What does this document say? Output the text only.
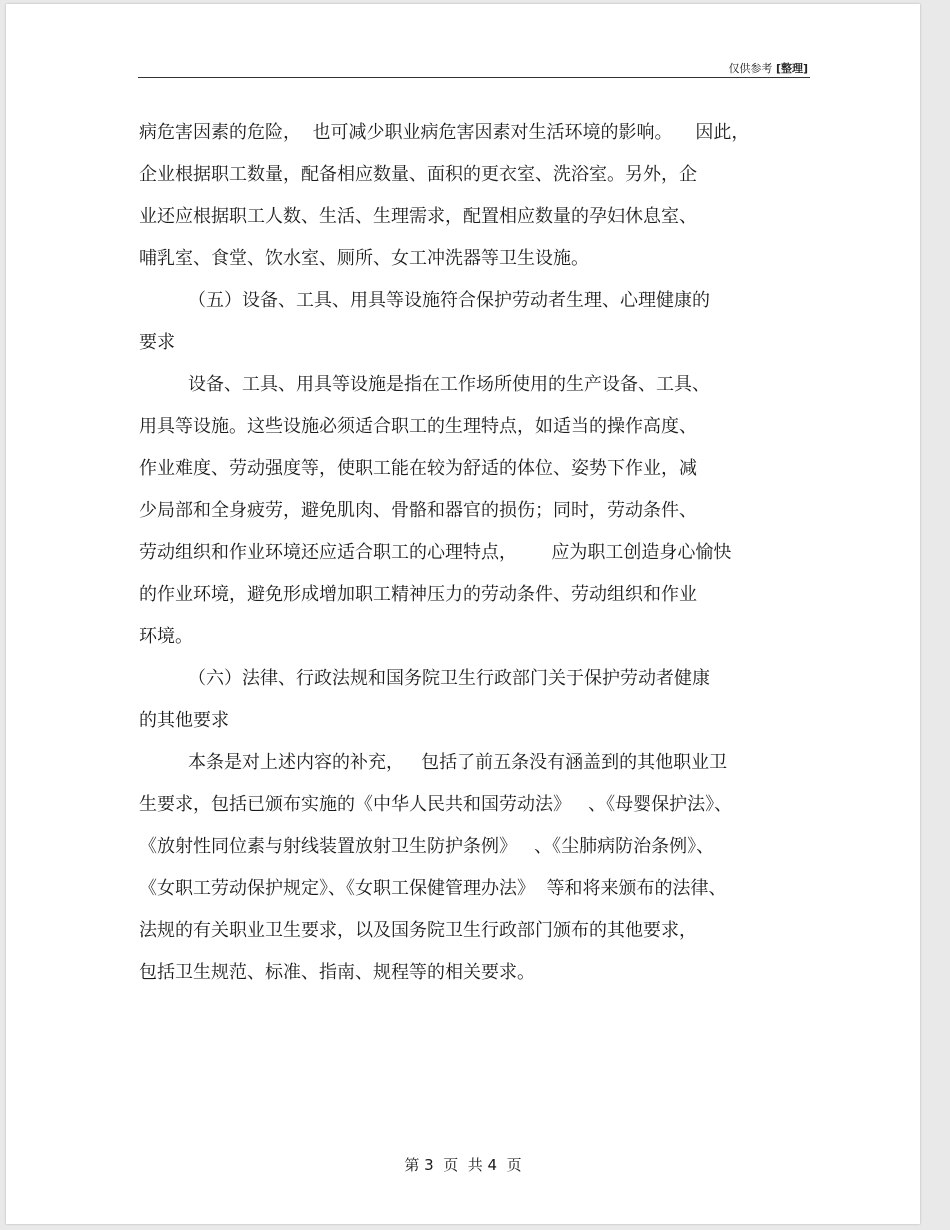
仅供参考 [整理]
病危害因素的危险，  也可减少职业病危害因素对生活环境的影响。    因此，
企业根据职工数量，配备相应数量、面积的更衣室、洗浴室。另外，企
业还应根据职工人数、生活、生理需求，配置相应数量的孕妇休息室、
哺乳室、食堂、饮水室、厕所、女工冲洗器等卫生设施。
（五）设备、工具、用具等设施符合保护劳动者生理、心理健康的
要求
设备、工具、用具等设施是指在工作场所使用的生产设备、工具、
用具等设施。这些设施必须适合职工的生理特点，如适当的操作高度、
作业难度、劳动强度等，使职工能在较为舒适的体位、姿势下作业，减
少局部和全身疲劳，避免肌肉、骨骼和器官的损伤；同时，劳动条件、
劳动组织和作业环境还应适合职工的心理特点，      应为职工创造身心愉快
的作业环境，避免形成增加职工精神压力的劳动条件、劳动组织和作业
环境。
（六）法律、行政法规和国务院卫生行政部门关于保护劳动者健康
的其他要求
本条是对上述内容的补充，   包括了前五条没有涵盖到的其他职业卫
生要求，包括已颁布实施的《中华人民共和国劳动法》   、《母婴保护法》、
《放射性同位素与射线装置放射卫生防护条例》   、《尘肺病防治条例》、
《女职工劳动保护规定》、《女职工保健管理办法》  等和将来颁布的法律、
法规的有关职业卫生要求，以及国务院卫生行政部门颁布的其他要求，
包括卫生规范、标准、指南、规程等的相关要求。
第 3  页  共 4  页
